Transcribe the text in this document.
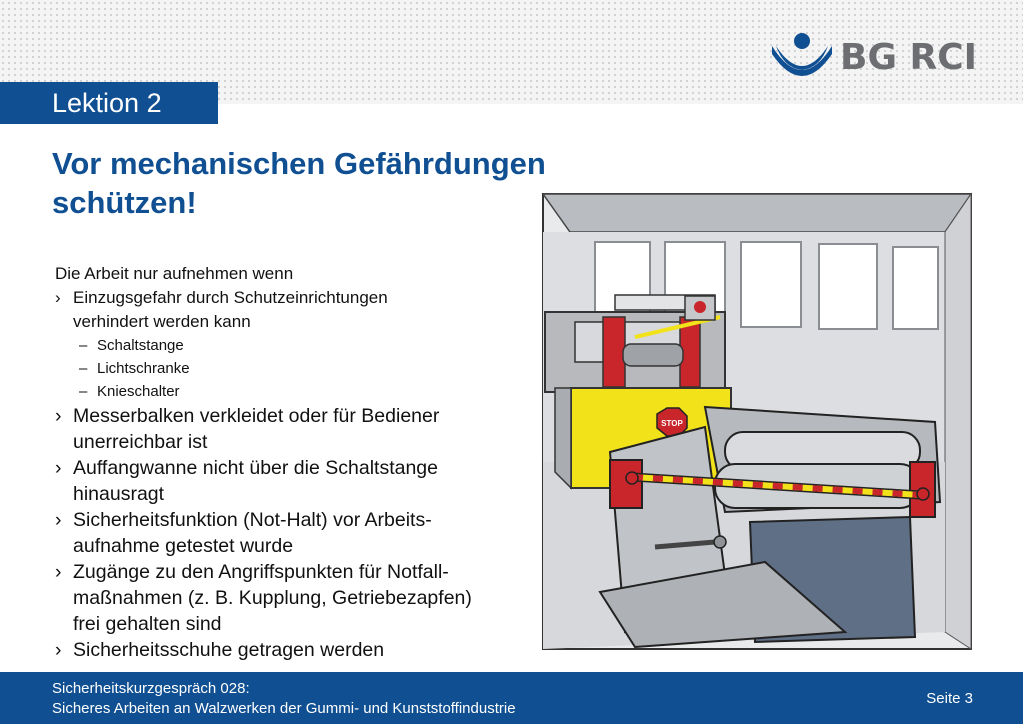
BG RCI
Lektion 2
Vor mechanischen Gefährdungen
schützen!
Die Arbeit nur aufnehmen wenn
› Einzugsgefahr durch Schutzeinrichtungen
verhindert werden kann
– Schaltstange
– Lichtschranke
– Knieschalter
› Messerbalken verkleidet oder für Bediener
unerreichbar ist
› Auffangwanne nicht über die Schaltstange
hinausragt
› Sicherheitsfunktion (Not-Halt) vor Arbeits-
aufnahme getestet wurde
› Zugänge zu den Angriffspunkten für Notfall-
maßnahmen (z. B. Kupplung, Getriebezapfen)
frei gehalten sind
› Sicherheitsschuhe getragen werden
STOP
Sicherheitskurzgespräch 028:
Sicheres Arbeiten an Walzwerken der Gummi- und Kunststoffindustrie
Seite 3
